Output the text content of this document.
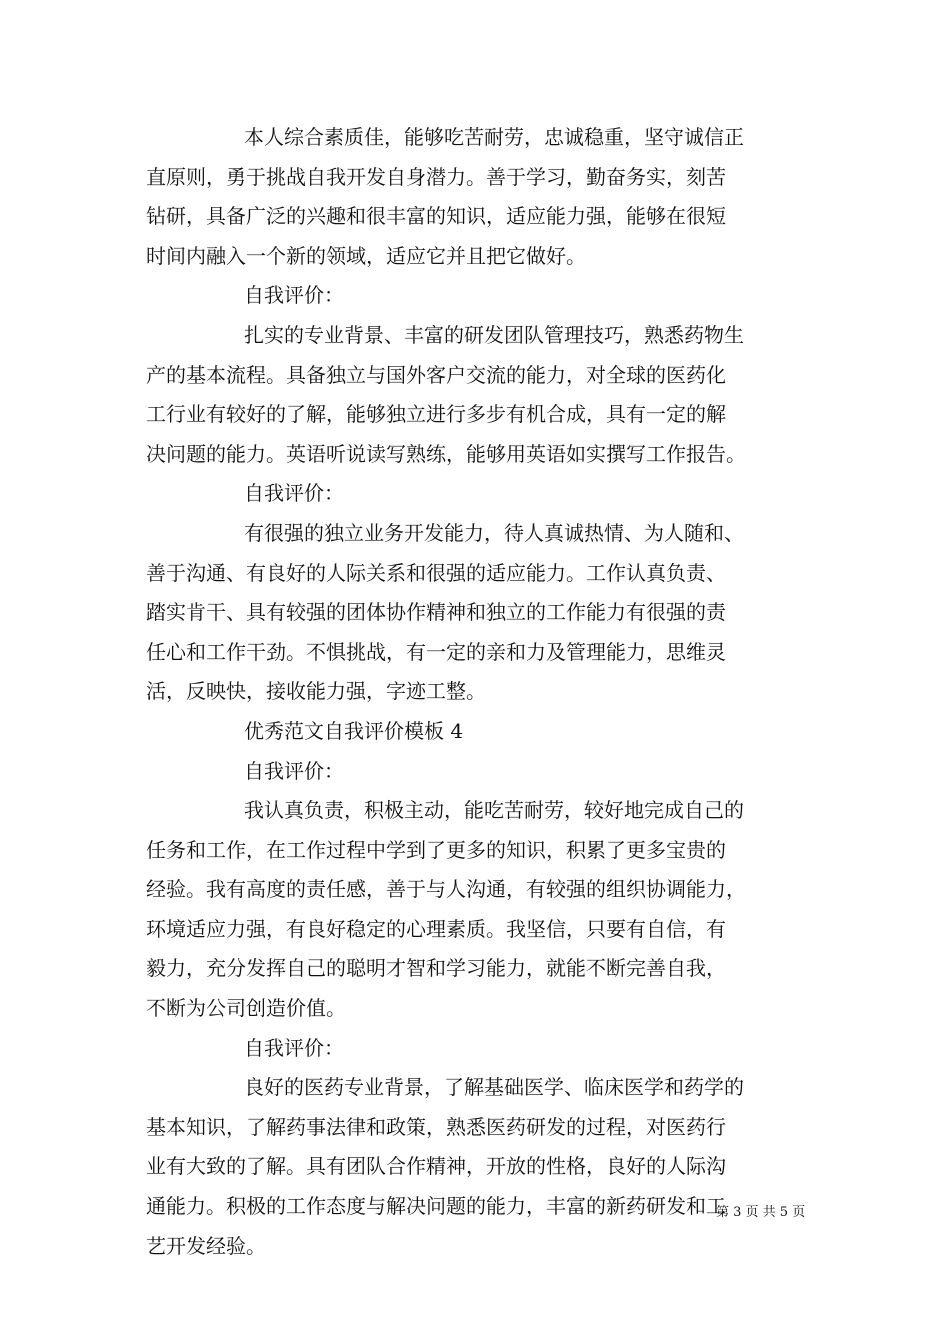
本人综合素质佳，能够吃苦耐劳，忠诚稳重，坚守诚信正
直原则，勇于挑战自我开发自身潜力。善于学习，勤奋务实，刻苦
钻研，具备广泛的兴趣和很丰富的知识，适应能力强，能够在很短
时间内融入一个新的领域，适应它并且把它做好。
自我评价：
扎实的专业背景、丰富的研发团队管理技巧，熟悉药物生
产的基本流程。具备独立与国外客户交流的能力，对全球的医药化
工行业有较好的了解，能够独立进行多步有机合成，具有一定的解
决问题的能力。英语听说读写熟练，能够用英语如实撰写工作报告。
自我评价：
有很强的独立业务开发能力，待人真诚热情、为人随和、
善于沟通、有良好的人际关系和很强的适应能力。工作认真负责、
踏实肯干、具有较强的团体协作精神和独立的工作能力有很强的责
任心和工作干劲。不惧挑战，有一定的亲和力及管理能力，思维灵
活，反映快，接收能力强，字迹工整。
优秀范文自我评价模板 4
自我评价：
我认真负责，积极主动，能吃苦耐劳，较好地完成自己的
任务和工作，在工作过程中学到了更多的知识，积累了更多宝贵的
经验。我有高度的责任感，善于与人沟通，有较强的组织协调能力，
环境适应力强，有良好稳定的心理素质。我坚信，只要有自信，有
毅力，充分发挥自己的聪明才智和学习能力，就能不断完善自我，
不断为公司创造价值。
自我评价：
良好的医药专业背景，了解基础医学、临床医学和药学的
基本知识，了解药事法律和政策，熟悉医药研发的过程，对医药行
业有大致的了解。具有团队合作精神，开放的性格，良好的人际沟
通能力。积极的工作态度与解决问题的能力，丰富的新药研发和工
艺开发经验。
第 3 页 共 5 页
